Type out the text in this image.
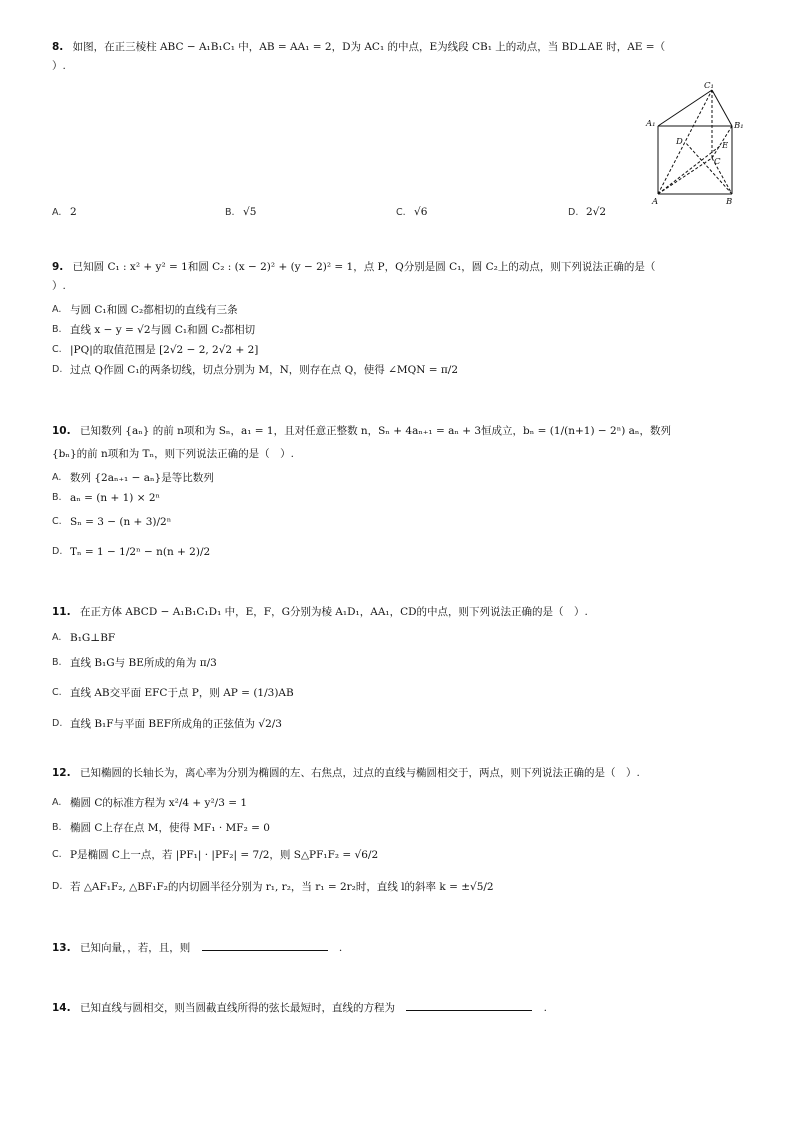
8. 如图，在正三棱柱 ABC − A₁B₁C₁ 中，AB = AA₁ = 2，D为 AC₁ 的中点，E为线段 CB₁ 上的动点，当 BD⊥AE 时，AE =（
）.
C₁
A₁	B₁
D	E
C
A	B
A. 2	B. √5	C. √6	D. 2√2
9. 已知圆 C₁ : x² + y² = 1和圆 C₂ : (x − 2)² + (y − 2)² = 1，点 P，Q分别是圆 C₁，圆 C₂上的动点，则下列说法正确的是（
）.
A. 与圆 C₁和圆 C₂都相切的直线有三条
B. 直线 x − y = √2与圆 C₁和圆 C₂都相切
C. |PQ|的取值范围是 [2√2 − 2, 2√2 + 2]
D. 过点 Q作圆 C₁的两条切线，切点分别为 M，N，则存在点 Q，使得 ∠MQN = π/2
10. 已知数列 {aₙ} 的前 n项和为 Sₙ，a₁ = 1，且对任意正整数 n，Sₙ + 4aₙ₊₁ = aₙ + 3恒成立，bₙ = (1/(n+1) − 2ⁿ) aₙ，数列
{bₙ}的前 n项和为 Tₙ，则下列说法正确的是（　）.
A. 数列 {2aₙ₊₁ − aₙ}是等比数列
B. aₙ = (n + 1) × 2ⁿ
C. Sₙ = 3 − (n + 3)/2ⁿ
D. Tₙ = 1 − 1/2ⁿ − n(n + 2)/2
11. 在正方体 ABCD − A₁B₁C₁D₁ 中，E，F，G分别为棱 A₁D₁，AA₁，CD的中点，则下列说法正确的是（　）.
A. B₁G⊥BF
B. 直线 B₁G与 BE所成的角为 π/3
C. 直线 AB交平面 EFC于点 P，则 AP = (1/3)AB
D. 直线 B₁F与平面 BEF所成角的正弦值为 √2/3
12. 已知椭圆的长轴长为，离心率为分别为椭圆的左、右焦点，过点的直线与椭圆相交于，两点，则下列说法正确的是（　）.
A. 椭圆 C的标准方程为 x²/4 + y²/3 = 1
B. 椭圆 C上存在点 M，使得 MF₁ · MF₂ = 0
C. P是椭圆 C上一点，若 |PF₁| · |PF₂| = 7/2，则 S△PF₁F₂ = √6/2
D. 若 △AF₁F₂, △BF₁F₂的内切圆半径分别为 r₁, r₂，当 r₁ = 2r₂时，直线 l的斜率 k = ±√5/2
13. 已知向量，，若，且，则	.
14. 已知直线与圆相交，则当圆截直线所得的弦长最短时，直线的方程为	.
